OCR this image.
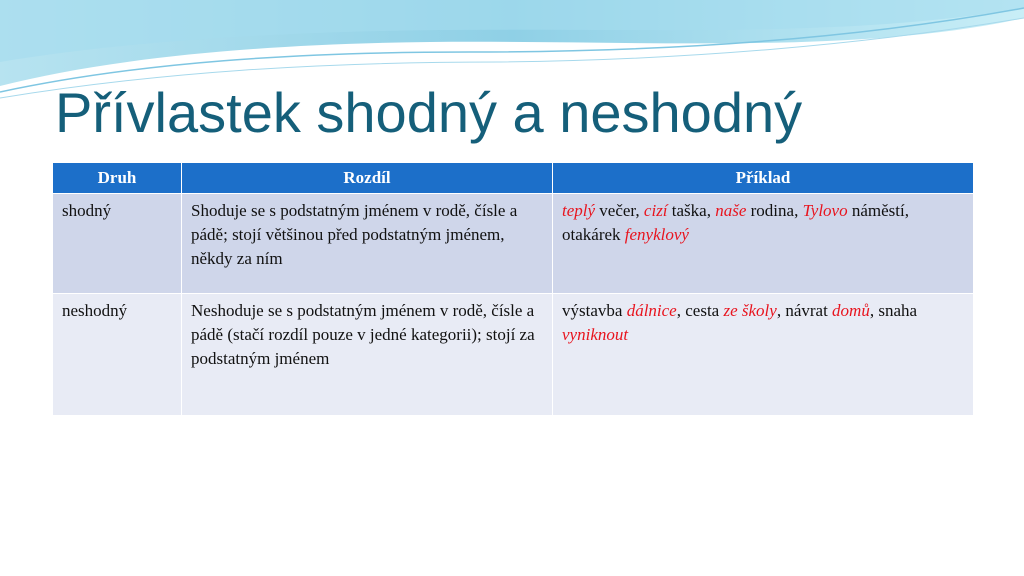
Přívlastek shodný a neshodný
Druh	Rozdíl	Příklad
shodný	Shoduje se s podstatným jménem v rodě, čísle a pádě; stojí většinou před podstatným jménem, někdy za ním	teplý večer, cizí taška, naše rodina, Tylovo náměstí, otakárek fenyklový
neshodný	Neshoduje se s podstatným jménem v rodě, čísle a pádě (stačí rozdíl pouze v jedné kategorii); stojí za podstatným jménem	výstavba dálnice, cesta ze školy, návrat domů, snaha vyniknout
